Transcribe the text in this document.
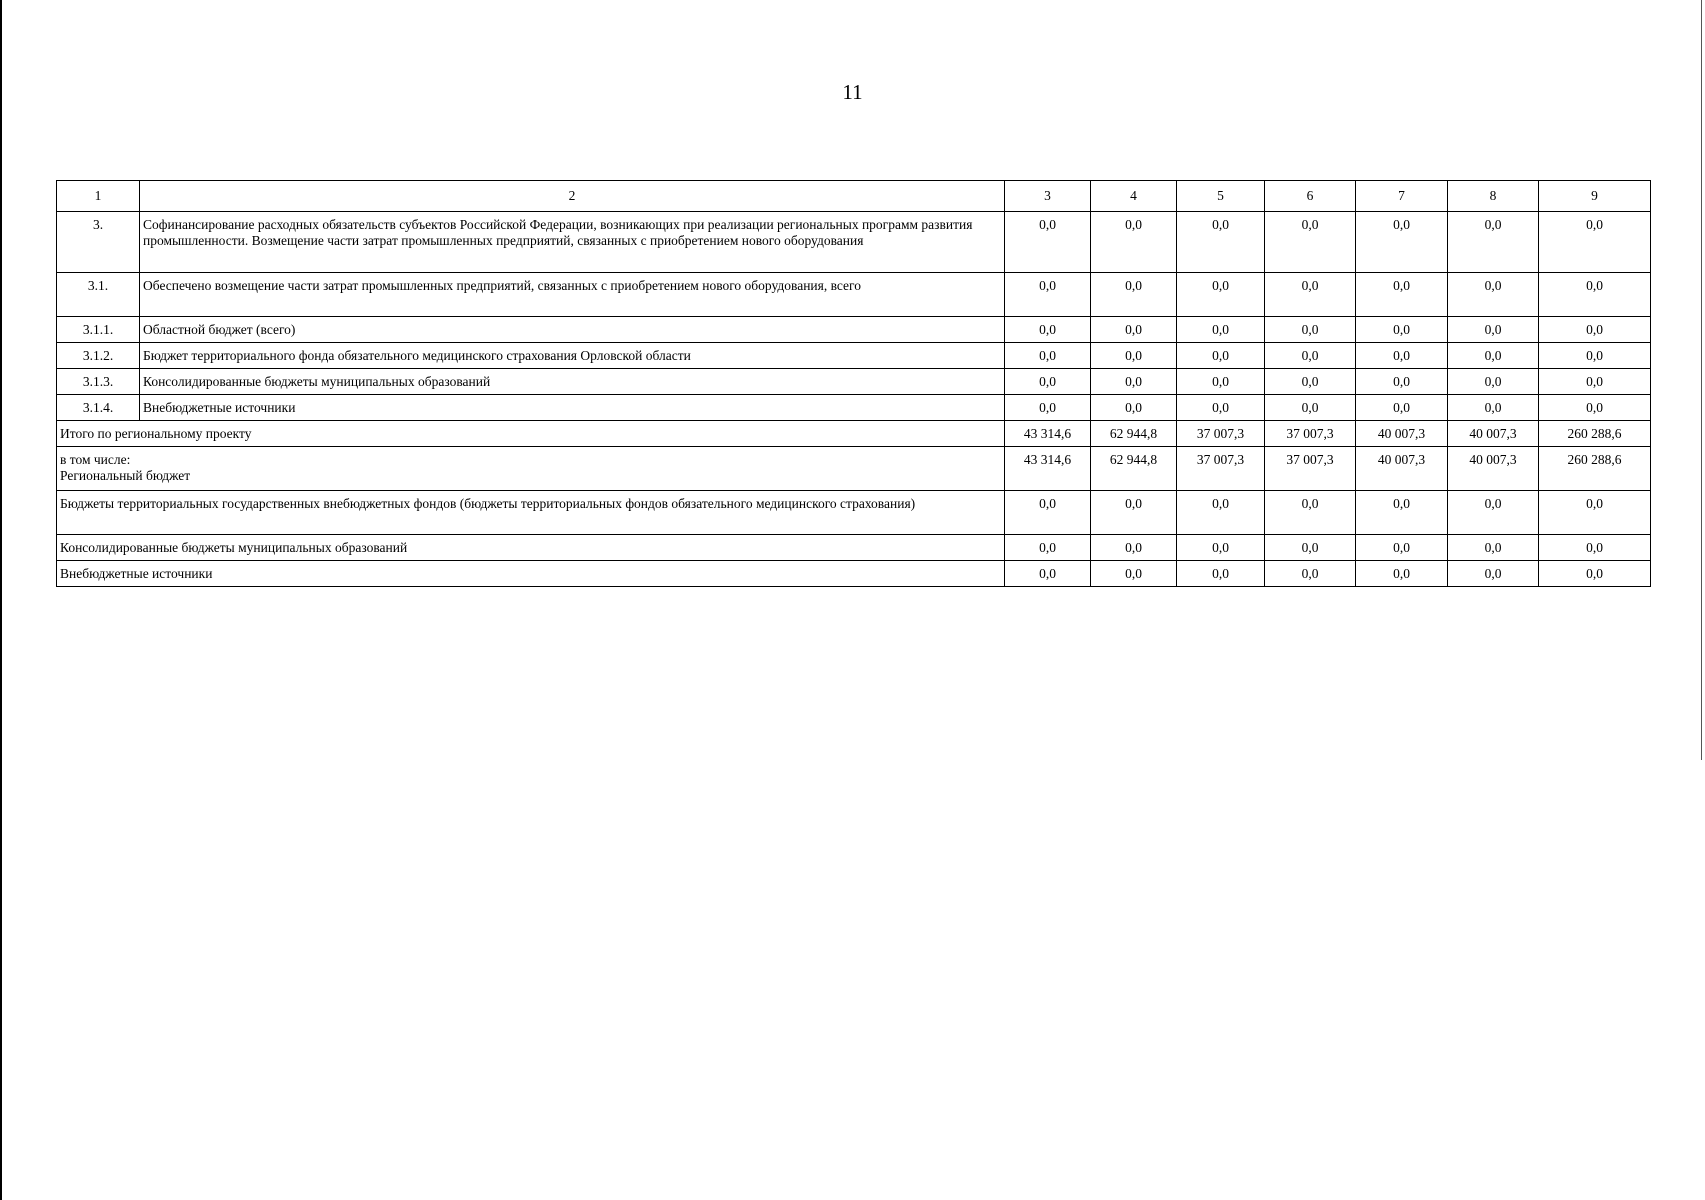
11
1	2	3	4	5	6	7	8	9
3.	Софинансирование расходных обязательств субъектов Российской Федерации, возникающих при реализации региональных программ развития промышленности. Возмещение части затрат промышленных предприятий, связанных с приобретением нового оборудования	0,0	0,0	0,0	0,0	0,0	0,0	0,0
3.1.	Обеспечено возмещение части затрат промышленных предприятий, связанных с приобретением нового оборудования, всего	0,0	0,0	0,0	0,0	0,0	0,0	0,0
3.1.1.	Областной бюджет (всего)	0,0	0,0	0,0	0,0	0,0	0,0	0,0
3.1.2.	Бюджет территориального фонда обязательного медицинского страхования Орловской области	0,0	0,0	0,0	0,0	0,0	0,0	0,0
3.1.3.	Консолидированные бюджеты муниципальных образований	0,0	0,0	0,0	0,0	0,0	0,0	0,0
3.1.4.	Внебюджетные источники	0,0	0,0	0,0	0,0	0,0	0,0	0,0
Итого по региональному проекту		43 314,6	62 944,8	37 007,3	37 007,3	40 007,3	40 007,3	260 288,6

в том числе:
Региональный бюджет		43 314,6	62 944,8	37 007,3	37 007,3	40 007,3	40 007,3	260 288,6
Бюджеты территориальных государственных внебюджетных фондов (бюджеты территориальных фондов обязательного медицинского страхования)		0,0	0,0	0,0	0,0	0,0	0,0	0,0
Консолидированные бюджеты муниципальных образований		0,0	0,0	0,0	0,0	0,0	0,0	0,0
Внебюджетные источники		0,0	0,0	0,0	0,0	0,0	0,0	0,0
